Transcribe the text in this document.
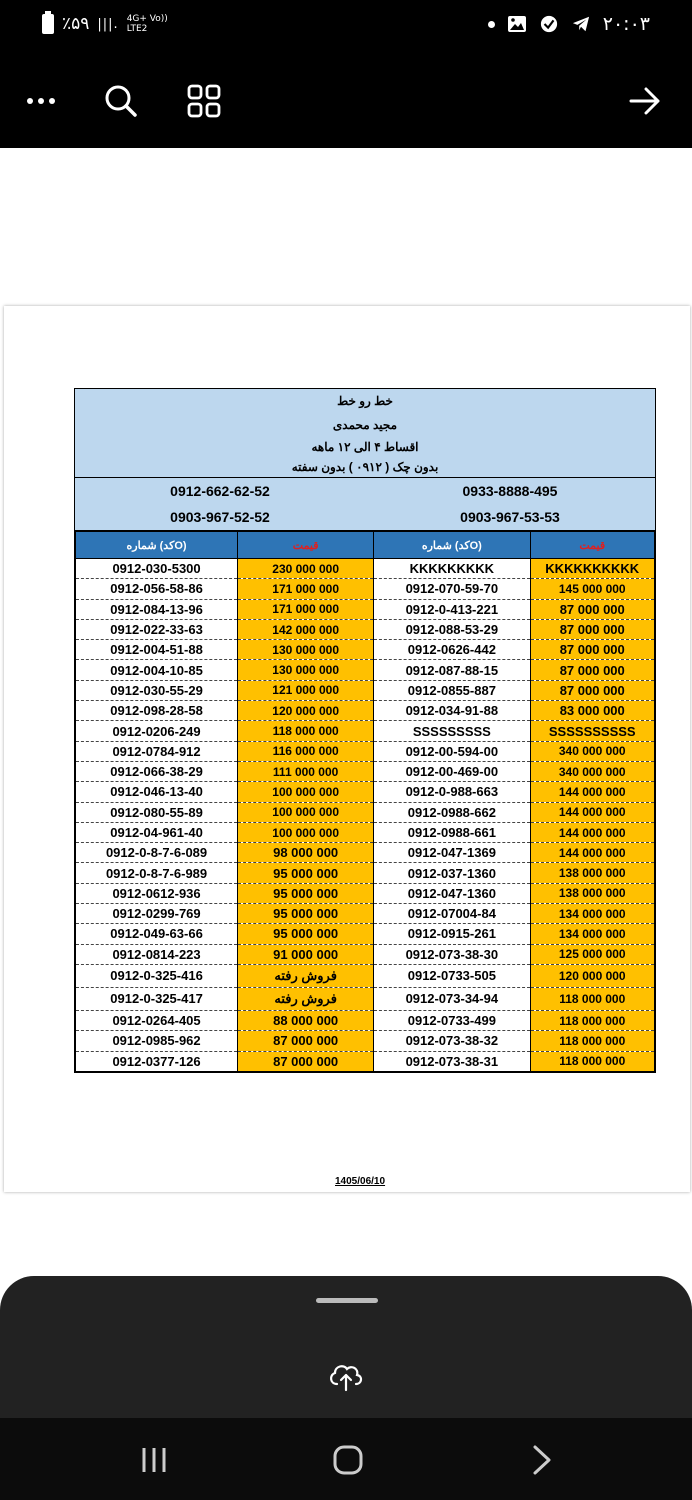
٪۵۹ |||. 4G+ Vo))
LTE2	۲۰:۰۳
خط رو خط
مجید محمدی
اقساط ۴ الی ۱۲ ماهه
بدون چک ( ۰۹۱۲ ) بدون سفته
0912-662-62-52	0933-8888-495
0903-967-52-52	0903-967-53-53
شماره (کدO)	قیمت	شماره (کدO)	قیمت
0912-030-5300	230 000 000	KKKKKKKKK	KKKKKKKKKK
0912-056-58-86	171 000 000	0912-070-59-70	145 000 000
0912-084-13-96	171 000 000	0912-0-413-221	87 000 000
0912-022-33-63	142 000 000	0912-088-53-29	87 000 000
0912-004-51-88	130 000 000	0912-0626-442	87 000 000
0912-004-10-85	130 000 000	0912-087-88-15	87 000 000
0912-030-55-29	121 000 000	0912-0855-887	87 000 000
0912-098-28-58	120 000 000	0912-034-91-88	83 000 000
0912-0206-249	118 000 000	SSSSSSSSS	SSSSSSSSSS
0912-0784-912	116 000 000	0912-00-594-00	340 000 000
0912-066-38-29	111 000 000	0912-00-469-00	340 000 000
0912-046-13-40	100 000 000	0912-0-988-663	144 000 000
0912-080-55-89	100 000 000	0912-0988-662	144 000 000
0912-04-961-40	100 000 000	0912-0988-661	144 000 000
0912-0-8-7-6-089	98 000 000	0912-047-1369	144 000 000
0912-0-8-7-6-989	95 000 000	0912-037-1360	138 000 000
0912-0612-936	95 000 000	0912-047-1360	138 000 000
0912-0299-769	95 000 000	0912-07004-84	134 000 000
0912-049-63-66	95 000 000	0912-0915-261	134 000 000
0912-0814-223	91 000 000	0912-073-38-30	125 000 000
0912-0-325-416	فروش رفته	0912-0733-505	120 000 000
0912-0-325-417	فروش رفته	0912-073-34-94	118 000 000
0912-0264-405	88 000 000	0912-0733-499	118 000 000
0912-0985-962	87 000 000	0912-073-38-32	118 000 000
0912-0377-126	87 000 000	0912-073-38-31	118 000 000
1405/06/10
